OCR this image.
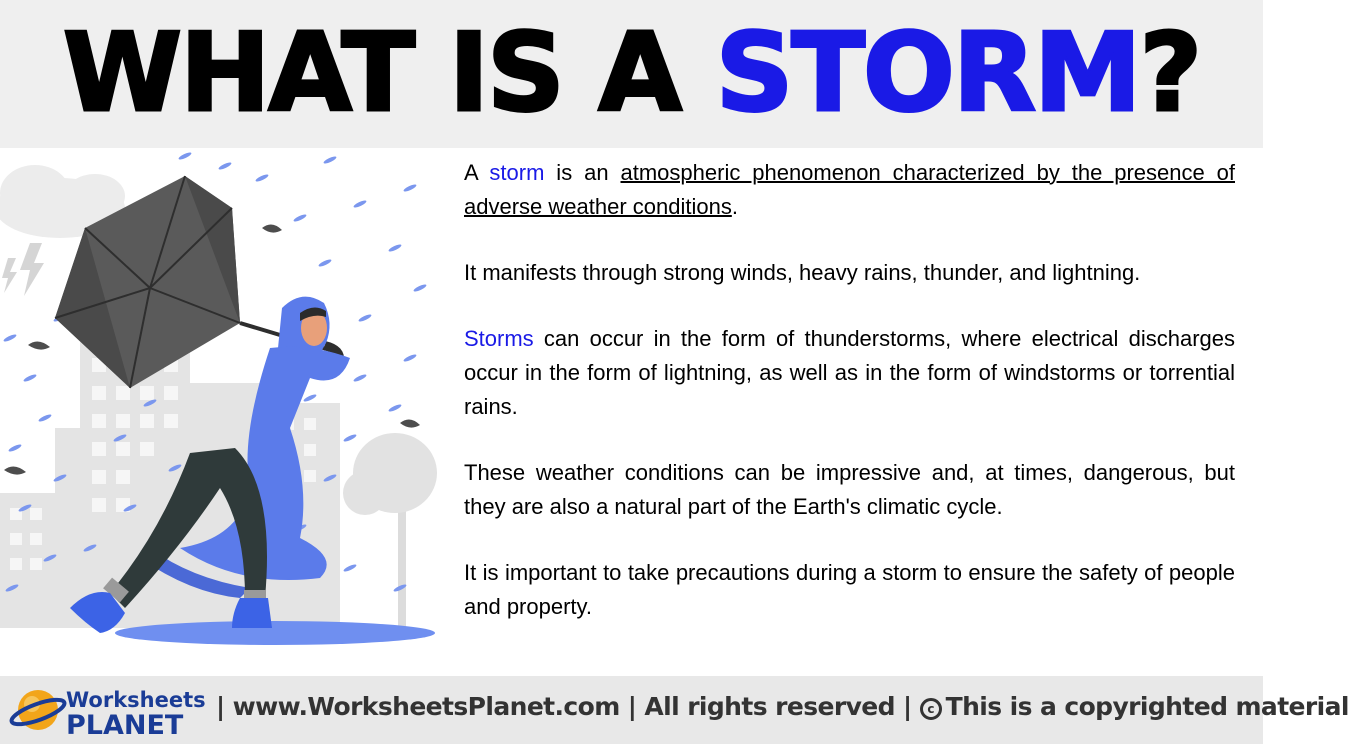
WHAT IS A STORM?

A storm is an atmospheric phenomenon characterized by the presence of adverse weather conditions.

It manifests through strong winds, heavy rains, thunder, and lightning.

Storms can occur in the form of thunderstorms, where electrical discharges occur in the form of lightning, as well as in the form of windstorms or torrential rains.

These weather conditions can be impressive and, at times, dangerous, but they are also a natural part of the Earth's climatic cycle.

It is important to take precautions during a storm to ensure the safety of people and property.

Worksheets
PLANET
| www.WorksheetsPlanet.com | All rights reserved | c This is a copyrighted material
